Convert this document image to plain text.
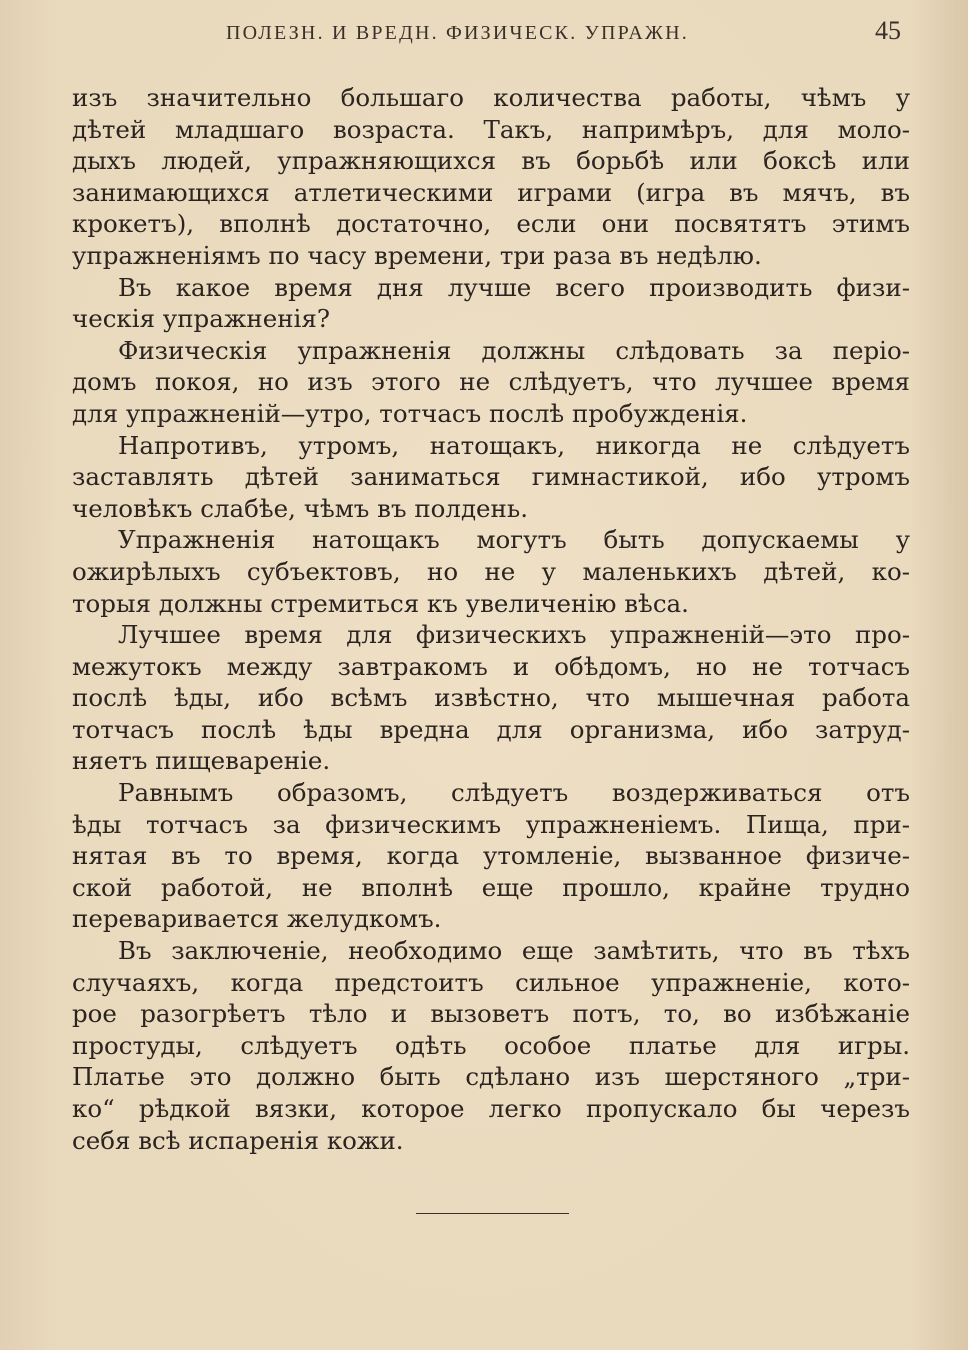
ПОЛЕЗН. И ВРЕДН. ФИЗИЧЕСК. УПРАЖН.	45
изъ значительно большаго количества работы, чѣмъ у
дѣтей младшаго возраста. Такъ, напримѣръ, для моло-
дыхъ людей, упражняющихся въ борьбѣ или боксѣ или
занимающихся атлетическими играми (игра въ мячъ, въ
крокетъ), вполнѣ достаточно, если они посвятятъ этимъ
упражненіямъ по часу времени, три раза въ недѣлю.
Въ какое время дня лучше всего производить физи-
ческія упражненія?
Физическія упражненія должны слѣдовать за періо-
домъ покоя, но изъ этого не слѣдуетъ, что лучшее время
для упражненій—утро, тотчасъ послѣ пробужденія.
Напротивъ, утромъ, натощакъ, никогда не слѣдуетъ
заставлять дѣтей заниматься гимнастикой, ибо утромъ
человѣкъ слабѣе, чѣмъ въ полдень.
Упражненія натощакъ могутъ быть допускаемы у
ожирѣлыхъ субъектовъ, но не у маленькихъ дѣтей, ко-
торыя должны стремиться къ увеличенію вѣса.
Лучшее время для физическихъ упражненій—это про-
межутокъ между завтракомъ и обѣдомъ, но не тотчасъ
послѣ ѣды, ибо всѣмъ извѣстно, что мышечная работа
тотчасъ послѣ ѣды вредна для организма, ибо затруд-
няетъ пищевареніе.
Равнымъ образомъ, слѣдуетъ воздерживаться отъ
ѣды тотчасъ за физическимъ упражненіемъ. Пища, при-
нятая въ то время, когда утомленіе, вызванное физиче-
ской работой, не вполнѣ еще прошло, крайне трудно
переваривается желудкомъ.
Въ заключеніе, необходимо еще замѣтить, что въ тѣхъ
случаяхъ, когда предстоитъ сильное упражненіе, кото-
рое разогрѣетъ тѣло и вызоветъ потъ, то, во избѣжаніе
простуды, слѣдуетъ одѣть особое платье для игры.
Платье это должно быть сдѣлано изъ шерстяного „три-
ко“ рѣдкой вязки, которое легко пропускало бы черезъ
себя всѣ испаренія кожи.
